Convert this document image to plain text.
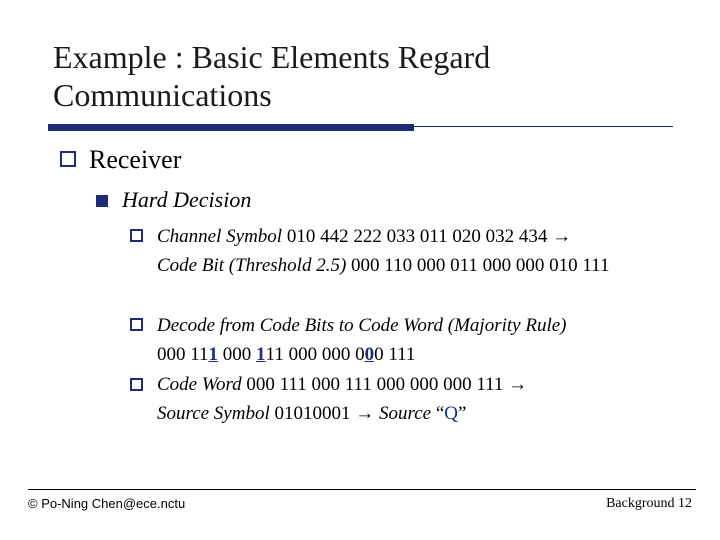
Example : Basic Elements Regard Communications
Receiver
Hard Decision
Channel Symbol 010 442 222 033 011 020 032 434 →
Code Bit (Threshold 2.5) 000 110 000 011 000 000 010 111
Decode from Code Bits to Code Word (Majority Rule)
000 111 000 111 000 000 000 111
Code Word 000 111 000 111 000 000 000 111 →
Source Symbol 01010001 → Source “Q”
© Po-Ning Chen@ece.nctu	Background 12
